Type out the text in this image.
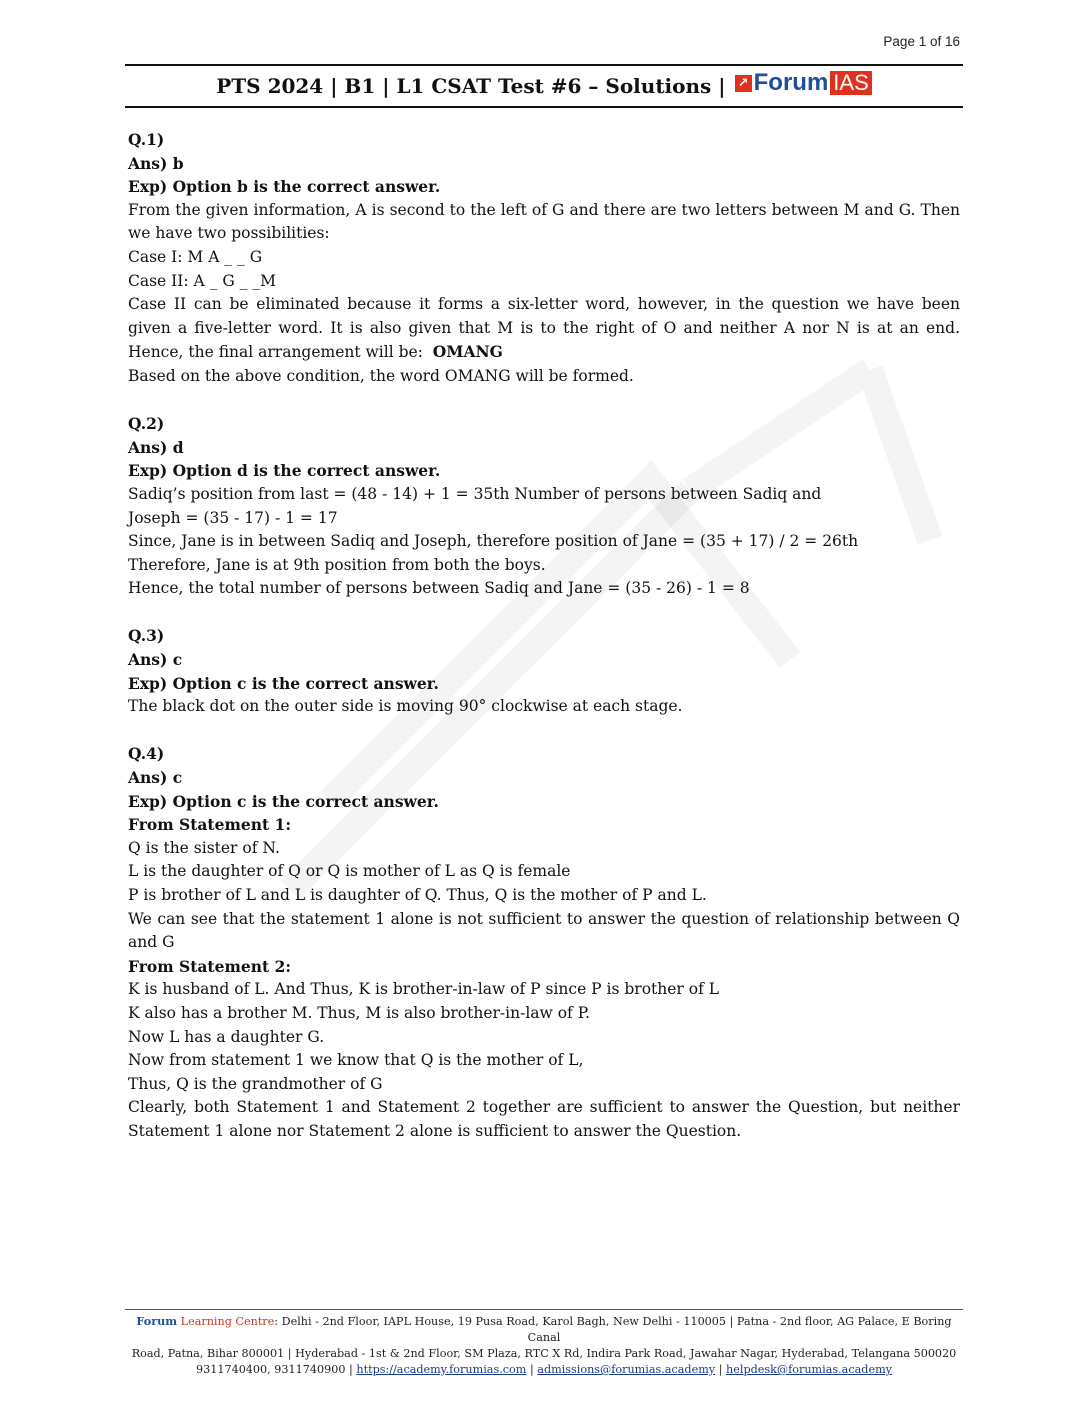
Page 1 of 16
PTS 2024 | B1 | L1 CSAT Test #6 – Solutions | ↗ Forum IAS

Q.1)

Ans) b

Exp) Option b is the correct answer.

From the given information, A is second to the left of G and there are two letters between M and G. Then we have two possibilities:

Case I: M A _ _ G

Case II: A _ G _ _M

Case II can be eliminated because it forms a six-letter word, however, in the question we have been given a five-letter word. It is also given that M is to the right of O and neither A nor N is at an end. Hence, the final arrangement will be: OMANG

Based on the above condition, the word OMANG will be formed.

Q.2)

Ans) d

Exp) Option d is the correct answer.

Sadiq’s position from last = (48 - 14) + 1 = 35th Number of persons between Sadiq and

Joseph = (35 - 17) - 1 = 17

Since, Jane is in between Sadiq and Joseph, therefore position of Jane = (35 + 17) / 2 = 26th

Therefore, Jane is at 9th position from both the boys.

Hence, the total number of persons between Sadiq and Jane = (35 - 26) - 1 = 8

Q.3)

Ans) c

Exp) Option c is the correct answer.

The black dot on the outer side is moving 90° clockwise at each stage.

Q.4)

Ans) c

Exp) Option c is the correct answer.

From Statement 1:

Q is the sister of N.

L is the daughter of Q or Q is mother of L as Q is female

P is brother of L and L is daughter of Q. Thus, Q is the mother of P and L.

We can see that the statement 1 alone is not sufficient to answer the question of relationship between Q and G

From Statement 2:

K is husband of L. And Thus, K is brother-in-law of P since P is brother of L

K also has a brother M. Thus, M is also brother-in-law of P.

Now L has a daughter G.

Now from statement 1 we know that Q is the mother of L,

Thus, Q is the grandmother of G

Clearly, both Statement 1 and Statement 2 together are sufficient to answer the Question, but neither Statement 1 alone nor Statement 2 alone is sufficient to answer the Question.

Forum Learning Centre: Delhi - 2nd Floor, IAPL House, 19 Pusa Road, Karol Bagh, New Delhi - 110005 | Patna - 2nd floor, AG Palace, E Boring Canal
Road, Patna, Bihar 800001 | Hyderabad - 1st & 2nd Floor, SM Plaza, RTC X Rd, Indira Park Road, Jawahar Nagar, Hyderabad, Telangana 500020
9311740400, 9311740900 | https://academy.forumias.com | admissions@forumias.academy | helpdesk@forumias.academy
